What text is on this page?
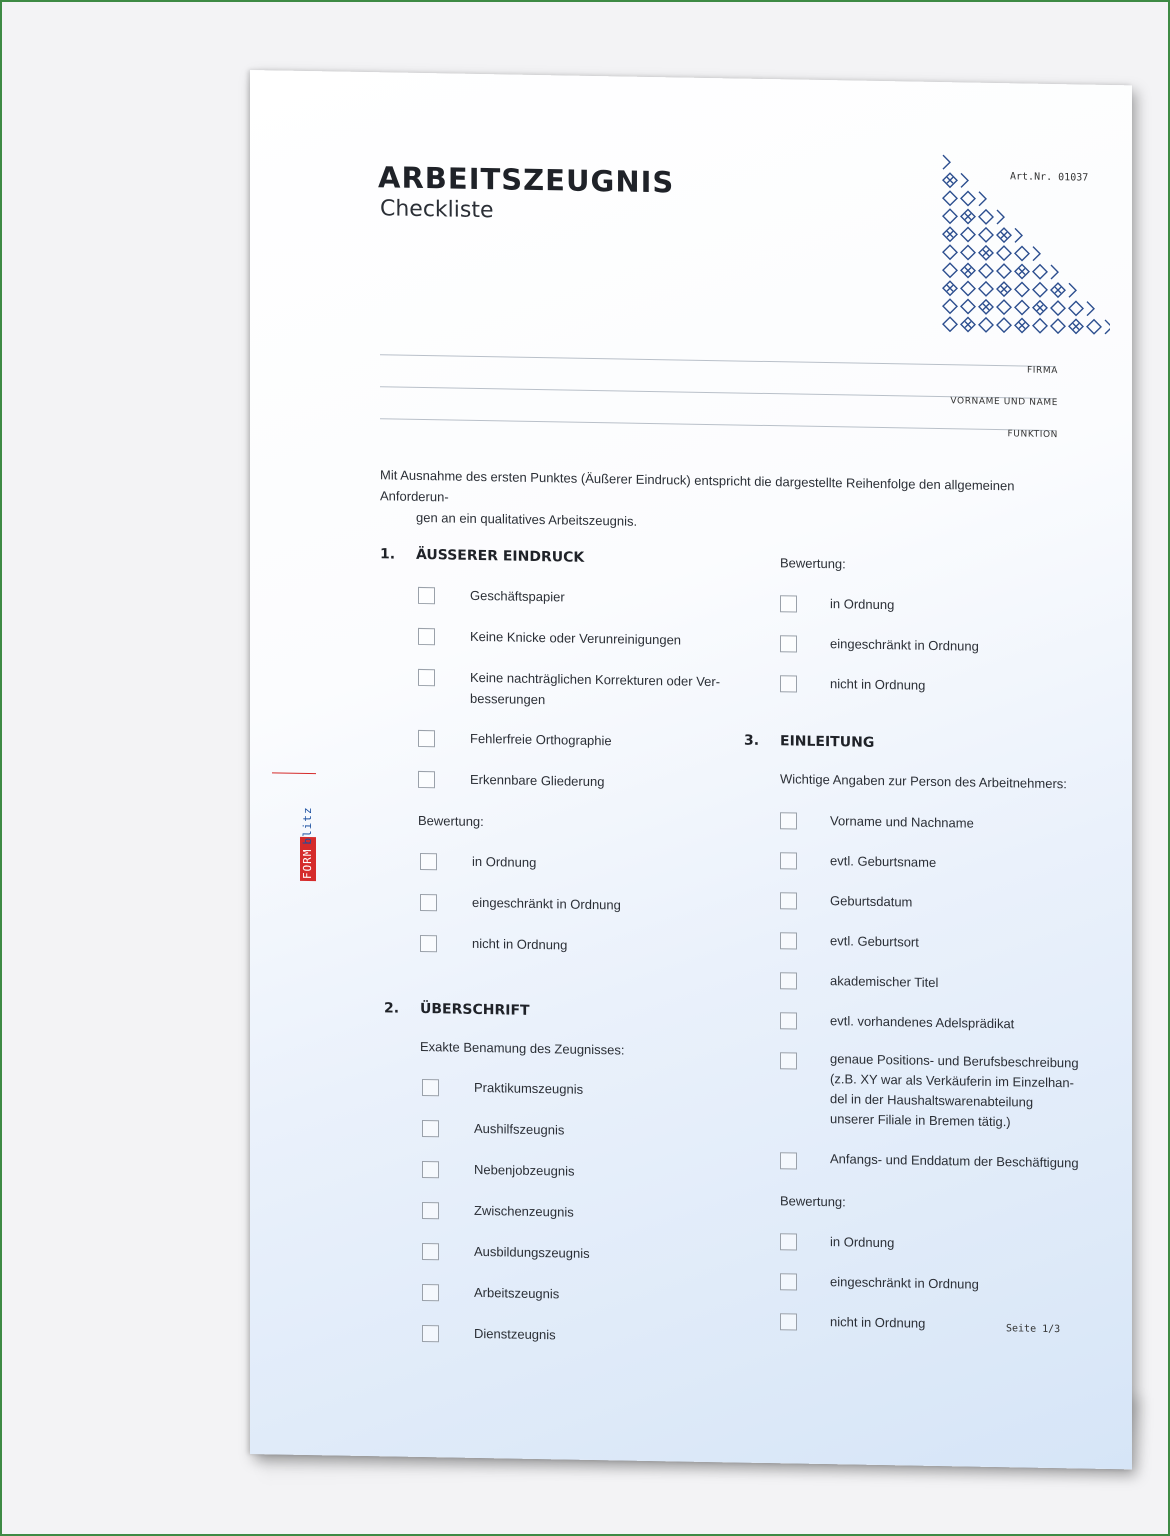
ARBEITSZEUGNIS
Checkliste
Art.Nr. 01037
FIRMA
VORNAME UND NAME
FUNKTION
Mit Ausnahme des ersten Punktes (Äußerer Eindruck) entspricht die dargestellte Reihenfolge den allgemeinen Anforderun-
gen an ein qualitatives Arbeitszeugnis.
1. ÄUSSERER EINDRUCK
Geschäftspapier
Keine Knicke oder Verunreinigungen
Keine nachträglichen Korrekturen oder Ver-
besserungen
Fehlerfreie Orthographie
Erkennbare Gliederung
Bewertung:
in Ordnung
eingeschränkt in Ordnung
nicht in Ordnung
2. ÜBERSCHRIFT
Exakte Benamung des Zeugnisses:
Praktikumszeugnis
Aushilfszeugnis
Nebenjobzeugnis
Zwischenzeugnis
Ausbildungszeugnis
Arbeitszeugnis
Dienstzeugnis
Bewertung:
in Ordnung
eingeschränkt in Ordnung
nicht in Ordnung
3. EINLEITUNG
Wichtige Angaben zur Person des Arbeitnehmers:
Vorname und Nachname
evtl. Geburtsname
Geburtsdatum
evtl. Geburtsort
akademischer Titel
evtl. vorhandenes Adelsprädikat
genaue Positions- und Berufsbeschreibung
(z.B. XY war als Verkäuferin im Einzelhan-
del in der Haushaltswarenabteilung
unserer Filiale in Bremen tätig.)
Anfangs- und Enddatum der Beschäftigung
Bewertung:
in Ordnung
eingeschränkt in Ordnung
nicht in Ordnung	Seite 1/3
FORMblitz
